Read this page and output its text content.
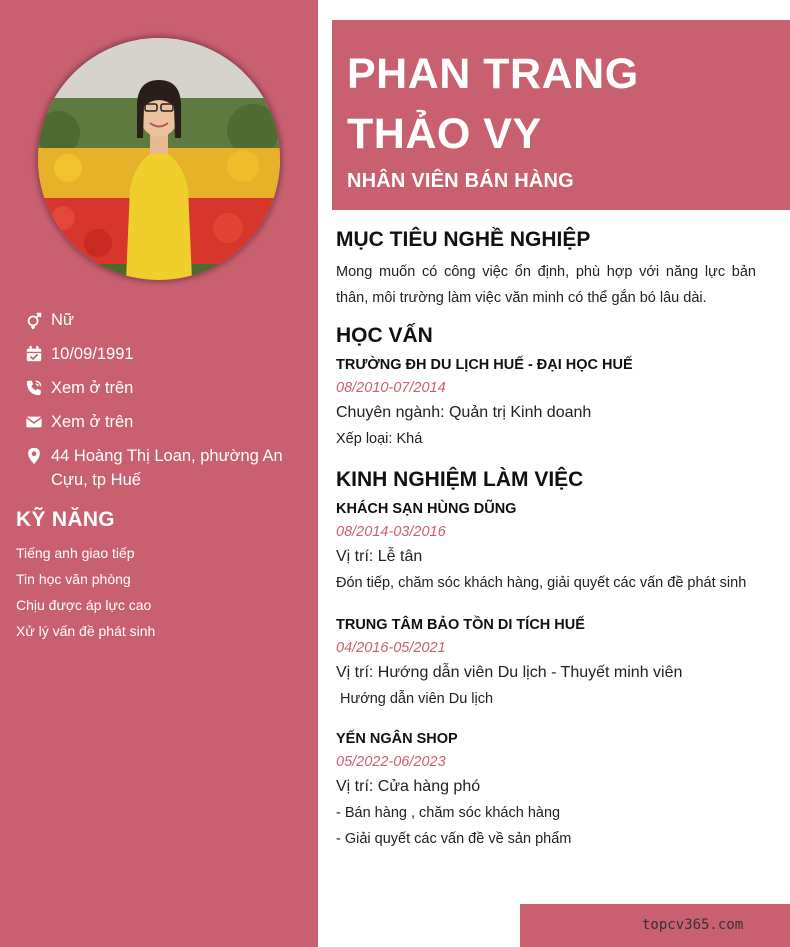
Nữ
10/09/1991
Xem ở trên
Xem ở trên
44 Hoàng Thị Loan, phường An Cựu, tp Huế
KỸ NĂNG
Tiếng anh giao tiếp
Tin học văn phòng
Chịu được áp lực cao
Xử lý vấn đề phát sinh
PHAN TRANG
THẢO VY
NHÂN VIÊN BÁN HÀNG
MỤC TIÊU NGHỀ NGHIỆP

Mong muốn có công việc ổn định, phù hợp với năng lực bản thân, môi trường làm việc văn minh có thể gắn bó lâu dài.

HỌC VẤN
TRƯỜNG ĐH DU LỊCH HUẾ - ĐẠI HỌC HUẾ
08/2010-07/2014
Chuyên ngành: Quản trị Kinh doanh
Xếp loại: Khá
KINH NGHIỆM LÀM VIỆC
KHÁCH SẠN HÙNG DŨNG
08/2014-03/2016
Vị trí: Lễ tân

Đón tiếp, chăm sóc khách hàng, giải quyết các vấn đề phát sinh

TRUNG TÂM BẢO TỒN DI TÍCH HUẾ
04/2016-05/2021
Vị trí: Hướng dẫn viên Du lịch - Thuyết minh viên
Hướng dẫn viên Du lịch
YẾN NGÂN SHOP
05/2022-06/2023
Vị trí: Cửa hàng phó
- Bán hàng , chăm sóc khách hàng
- Giải quyết các vấn đề về sản phẩm
topcv365.com
